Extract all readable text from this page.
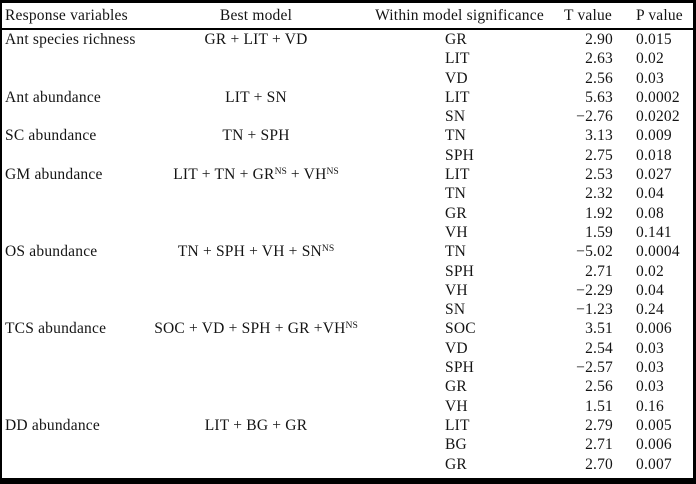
Response variables	Best model	Within model significance	T value	P value
Ant species richness	GR + LIT + VD	GR	2.90	0.015
		LIT	2.63	0.02
		VD	2.56	0.03
Ant abundance	LIT + SN	LIT	5.63	0.0002
		SN	−2.76	0.0202
SC abundance	TN + SPH	TN	3.13	0.009
		SPH	2.75	0.018
GM abundance	LIT + TN + $GR^{NS} + VH^{NS}$	LIT	2.53	0.027
		TN	2.32	0.04
		GR	1.92	0.08
		VH	1.59	0.141
OS abundance	TN + SPH + VH + $SN^{NS}$	TN	−5.02	0.0004
		SPH	2.71	0.02
		VH	−2.29	0.04
		SN	−1.23	0.24
TCS abundance	SOC + VD + SPH + GR $+VH^{NS}$	SOC	3.51	0.006
		VD	2.54	0.03
		SPH	−2.57	0.03
		GR	2.56	0.03
		VH	1.51	0.16
DD abundance	LIT + BG + GR	LIT	2.79	0.005
		BG	2.71	0.006
		GR	2.70	0.007
